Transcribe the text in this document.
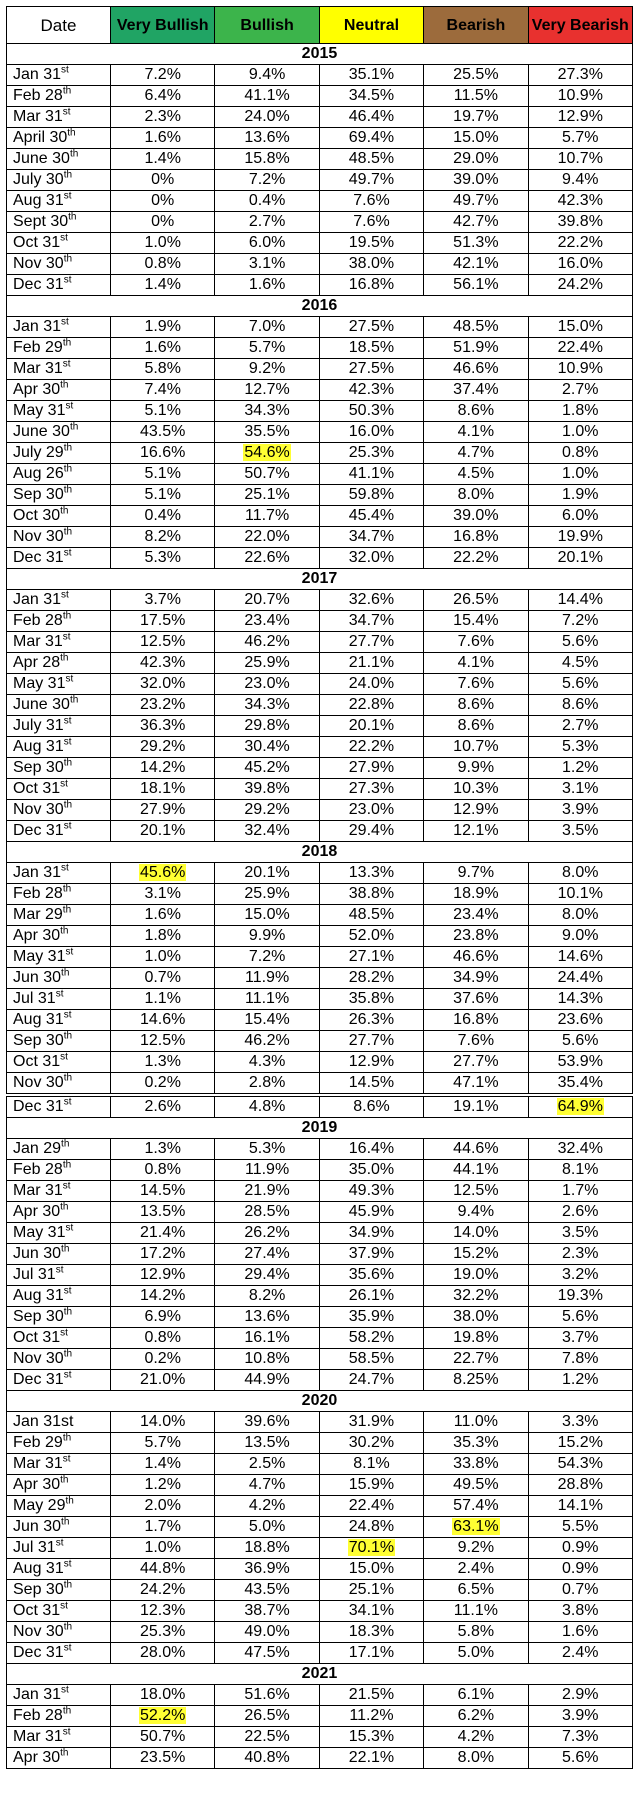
Date	Very Bullish	Bullish	Neutral	Bearish	Very Bearish
2015					
Jan 31st	7.2%	9.4%	35.1%	25.5%	27.3%
Feb 28th	6.4%	41.1%	34.5%	11.5%	10.9%
Mar 31st	2.3%	24.0%	46.4%	19.7%	12.9%
April 30th	1.6%	13.6%	69.4%	15.0%	5.7%
June 30th	1.4%	15.8%	48.5%	29.0%	10.7%
July 30th	0%	7.2%	49.7%	39.0%	9.4%
Aug 31st	0%	0.4%	7.6%	49.7%	42.3%
Sept 30th	0%	2.7%	7.6%	42.7%	39.8%
Oct 31st	1.0%	6.0%	19.5%	51.3%	22.2%
Nov 30th	0.8%	3.1%	38.0%	42.1%	16.0%
Dec 31st	1.4%	1.6%	16.8%	56.1%	24.2%
2016					
Jan 31st	1.9%	7.0%	27.5%	48.5%	15.0%
Feb 29th	1.6%	5.7%	18.5%	51.9%	22.4%
Mar 31st	5.8%	9.2%	27.5%	46.6%	10.9%
Apr 30th	7.4%	12.7%	42.3%	37.4%	2.7%
May 31st	5.1%	34.3%	50.3%	8.6%	1.8%
June 30th	43.5%	35.5%	16.0%	4.1%	1.0%
July 29th	16.6%	54.6%	25.3%	4.7%	0.8%
Aug 26th	5.1%	50.7%	41.1%	4.5%	1.0%
Sep 30th	5.1%	25.1%	59.8%	8.0%	1.9%
Oct 30th	0.4%	11.7%	45.4%	39.0%	6.0%
Nov 30th	8.2%	22.0%	34.7%	16.8%	19.9%
Dec 31st	5.3%	22.6%	32.0%	22.2%	20.1%
2017					
Jan 31st	3.7%	20.7%	32.6%	26.5%	14.4%
Feb 28th	17.5%	23.4%	34.7%	15.4%	7.2%
Mar 31st	12.5%	46.2%	27.7%	7.6%	5.6%
Apr 28th	42.3%	25.9%	21.1%	4.1%	4.5%
May 31st	32.0%	23.0%	24.0%	7.6%	5.6%
June 30th	23.2%	34.3%	22.8%	8.6%	8.6%
July 31st	36.3%	29.8%	20.1%	8.6%	2.7%
Aug 31st	29.2%	30.4%	22.2%	10.7%	5.3%
Sep 30th	14.2%	45.2%	27.9%	9.9%	1.2%
Oct 31st	18.1%	39.8%	27.3%	10.3%	3.1%
Nov 30th	27.9%	29.2%	23.0%	12.9%	3.9%
Dec 31st	20.1%	32.4%	29.4%	12.1%	3.5%
2018					
Jan 31st	45.6%	20.1%	13.3%	9.7%	8.0%
Feb 28th	3.1%	25.9%	38.8%	18.9%	10.1%
Mar 29th	1.6%	15.0%	48.5%	23.4%	8.0%
Apr 30th	1.8%	9.9%	52.0%	23.8%	9.0%
May 31st	1.0%	7.2%	27.1%	46.6%	14.6%
Jun 30th	0.7%	11.9%	28.2%	34.9%	24.4%
Jul 31st	1.1%	11.1%	35.8%	37.6%	14.3%
Aug 31st	14.6%	15.4%	26.3%	16.8%	23.6%
Sep 30th	12.5%	46.2%	27.7%	7.6%	5.6%
Oct 31st	1.3%	4.3%	12.9%	27.7%	53.9%
Nov 30th	0.2%	2.8%	14.5%	47.1%	35.4%

Dec 31st	2.6%	4.8%	8.6%	19.1%	64.9%
2019					
Jan 29th	1.3%	5.3%	16.4%	44.6%	32.4%
Feb 28th	0.8%	11.9%	35.0%	44.1%	8.1%
Mar 31st	14.5%	21.9%	49.3%	12.5%	1.7%
Apr 30th	13.5%	28.5%	45.9%	9.4%	2.6%
May 31st	21.4%	26.2%	34.9%	14.0%	3.5%
Jun 30th	17.2%	27.4%	37.9%	15.2%	2.3%
Jul 31st	12.9%	29.4%	35.6%	19.0%	3.2%
Aug 31st	14.2%	8.2%	26.1%	32.2%	19.3%
Sep 30th	6.9%	13.6%	35.9%	38.0%	5.6%
Oct 31st	0.8%	16.1%	58.2%	19.8%	3.7%
Nov 30th	0.2%	10.8%	58.5%	22.7%	7.8%
Dec 31st	21.0%	44.9%	24.7%	8.25%	1.2%
2020					
Jan 31st	14.0%	39.6%	31.9%	11.0%	3.3%
Feb 29th	5.7%	13.5%	30.2%	35.3%	15.2%
Mar 31st	1.4%	2.5%	8.1%	33.8%	54.3%
Apr 30th	1.2%	4.7%	15.9%	49.5%	28.8%
May 29th	2.0%	4.2%	22.4%	57.4%	14.1%
Jun 30th	1.7%	5.0%	24.8%	63.1%	5.5%
Jul 31st	1.0%	18.8%	70.1%	9.2%	0.9%
Aug 31st	44.8%	36.9%	15.0%	2.4%	0.9%
Sep 30th	24.2%	43.5%	25.1%	6.5%	0.7%
Oct 31st	12.3%	38.7%	34.1%	11.1%	3.8%
Nov 30th	25.3%	49.0%	18.3%	5.8%	1.6%
Dec 31st	28.0%	47.5%	17.1%	5.0%	2.4%
2021					
Jan 31st	18.0%	51.6%	21.5%	6.1%	2.9%
Feb 28th	52.2%	26.5%	11.2%	6.2%	3.9%
Mar 31st	50.7%	22.5%	15.3%	4.2%	7.3%
Apr 30th	23.5%	40.8%	22.1%	8.0%	5.6%
